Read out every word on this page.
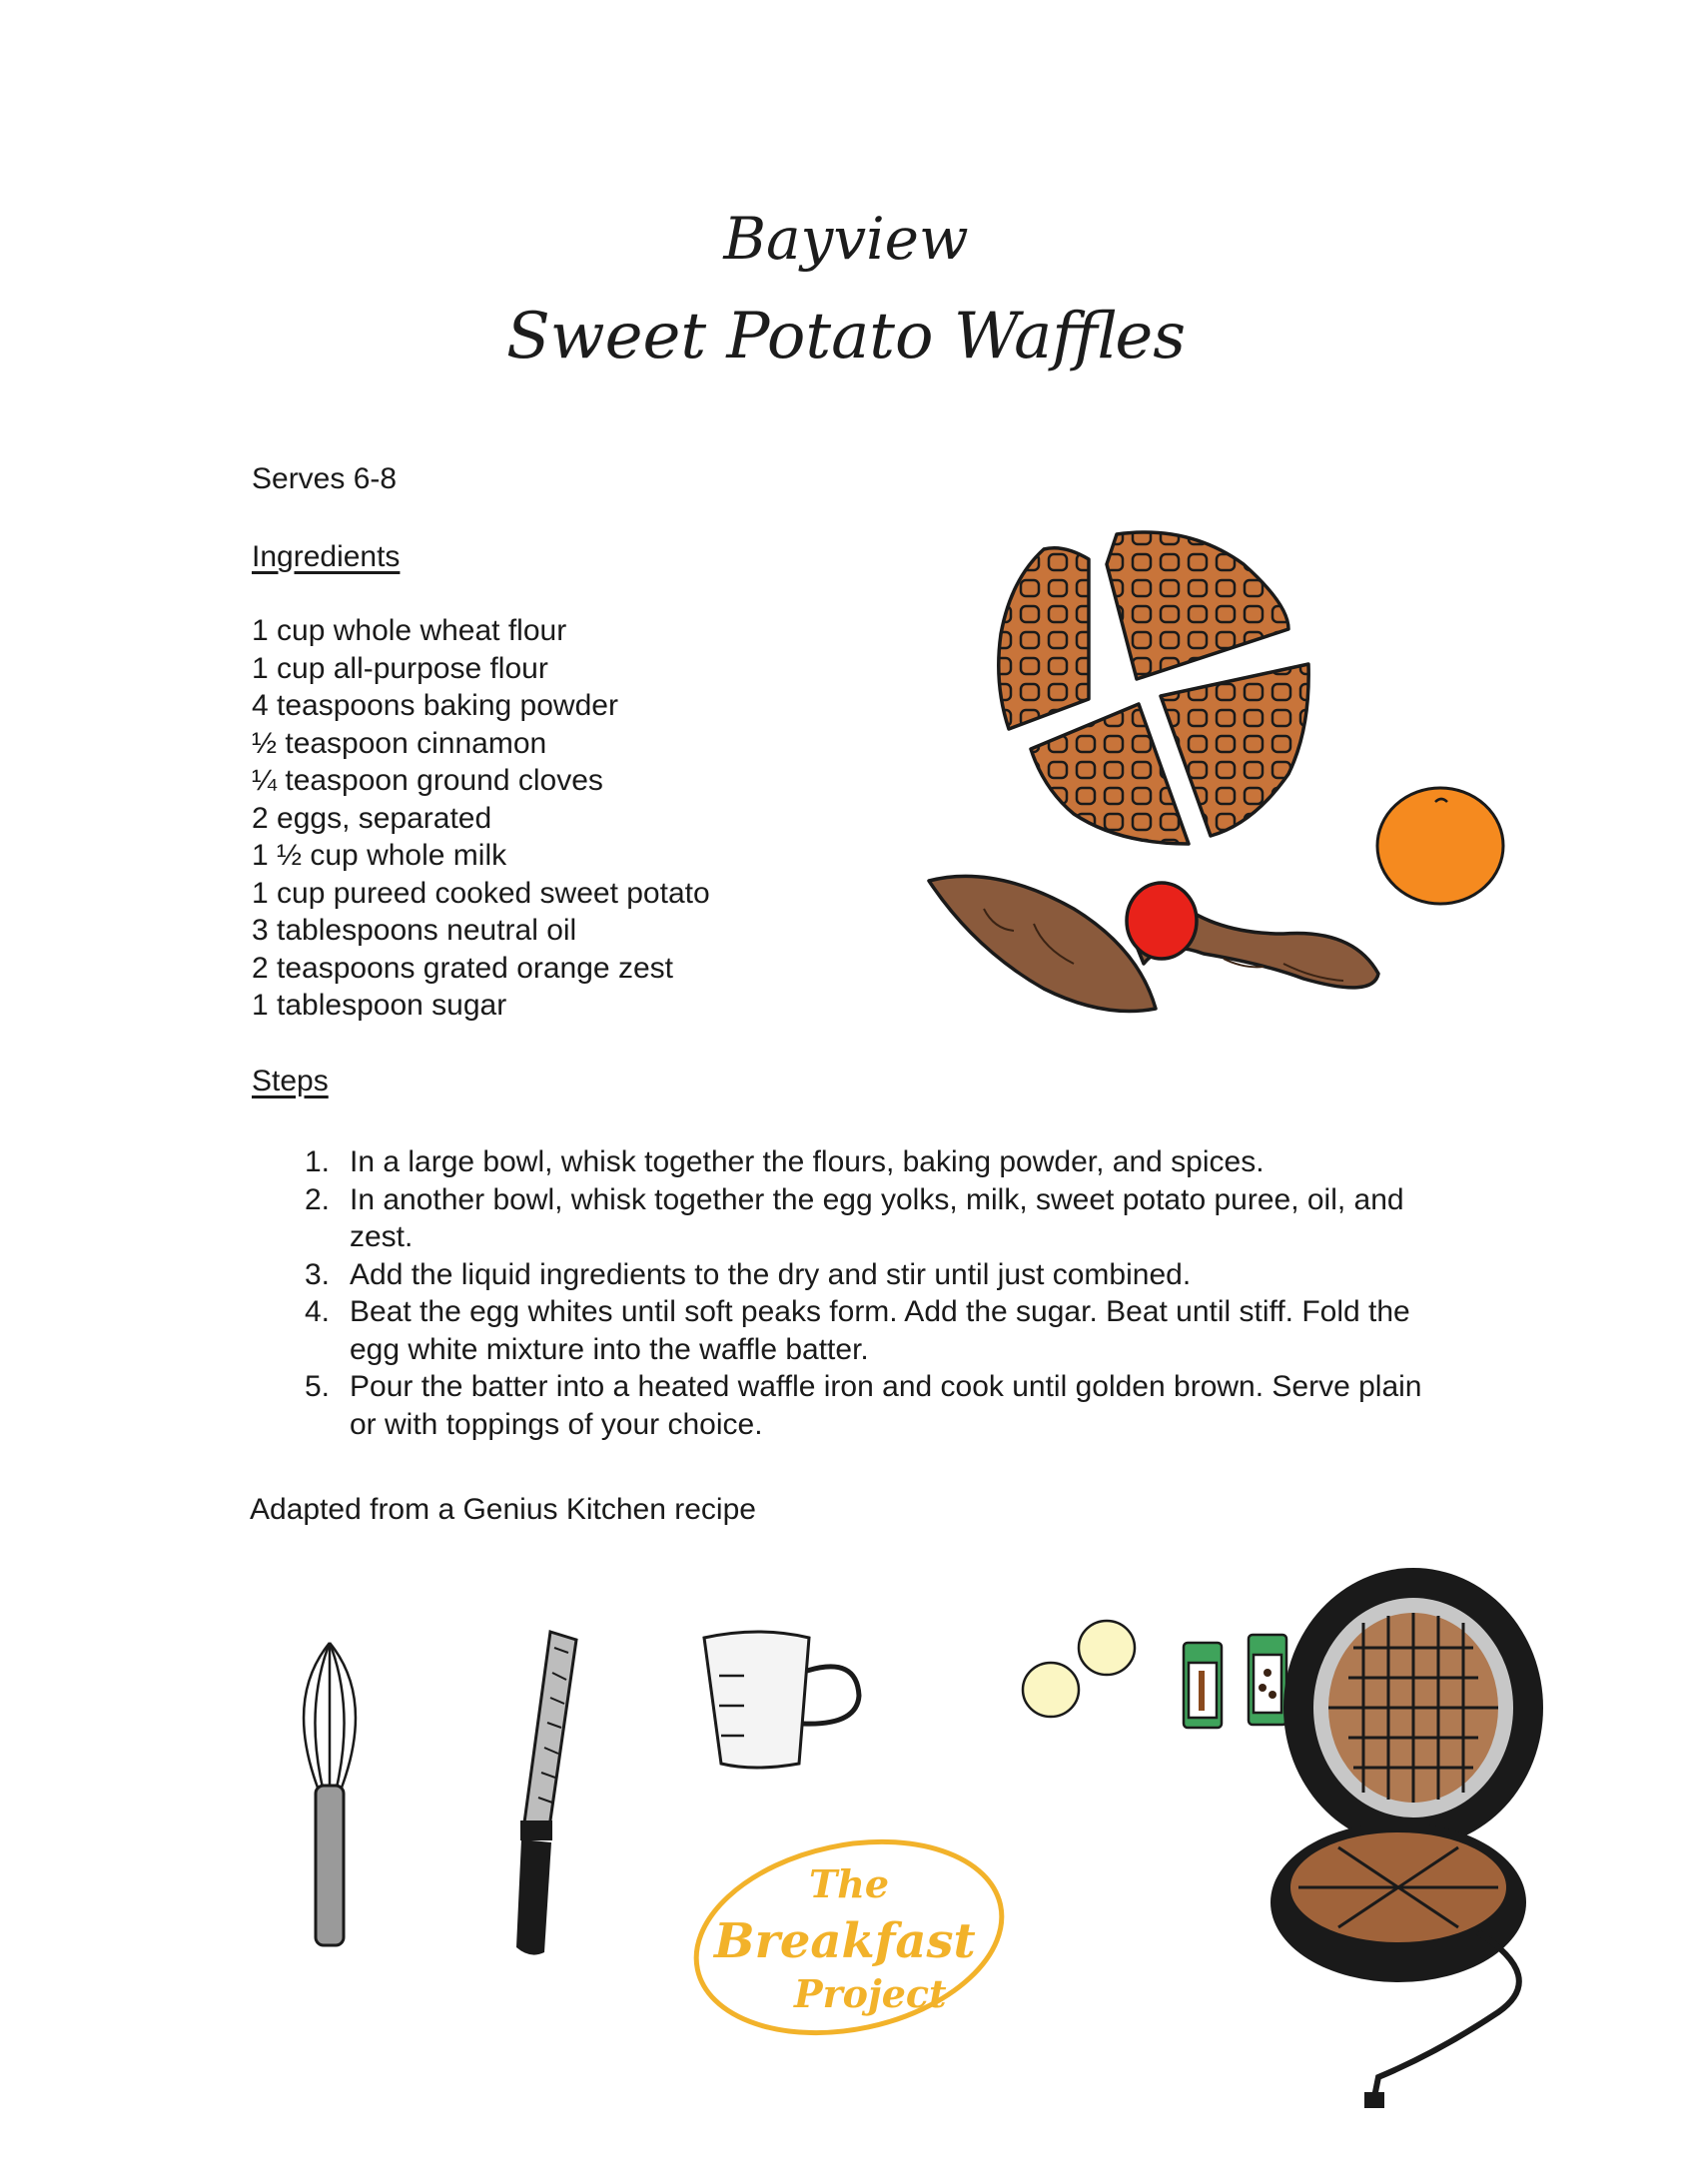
Bayview
Sweet Potato Waffles
Serves 6-8
Ingredients
1 cup whole wheat flour
1 cup all-purpose flour
4 teaspoons baking powder
½ teaspoon cinnamon
¼ teaspoon ground cloves
2 eggs, separated
1 ½ cup whole milk
1 cup pureed cooked sweet potato
3 tablespoons neutral oil
2 teaspoons grated orange zest
1 tablespoon sugar
Steps
1. In a large bowl, whisk together the flours, baking powder, and spices.
2. In another bowl, whisk together the egg yolks, milk, sweet potato puree, oil, and zest.
3. Add the liquid ingredients to the dry and stir until just combined.
4. Beat the egg whites until soft peaks form. Add the sugar. Beat until stiff. Fold the egg white mixture into the waffle batter.
5. Pour the batter into a heated waffle iron and cook until golden brown. Serve plain or with toppings of your choice.
Adapted from a Genius Kitchen recipe
The
Breakfast
Project
